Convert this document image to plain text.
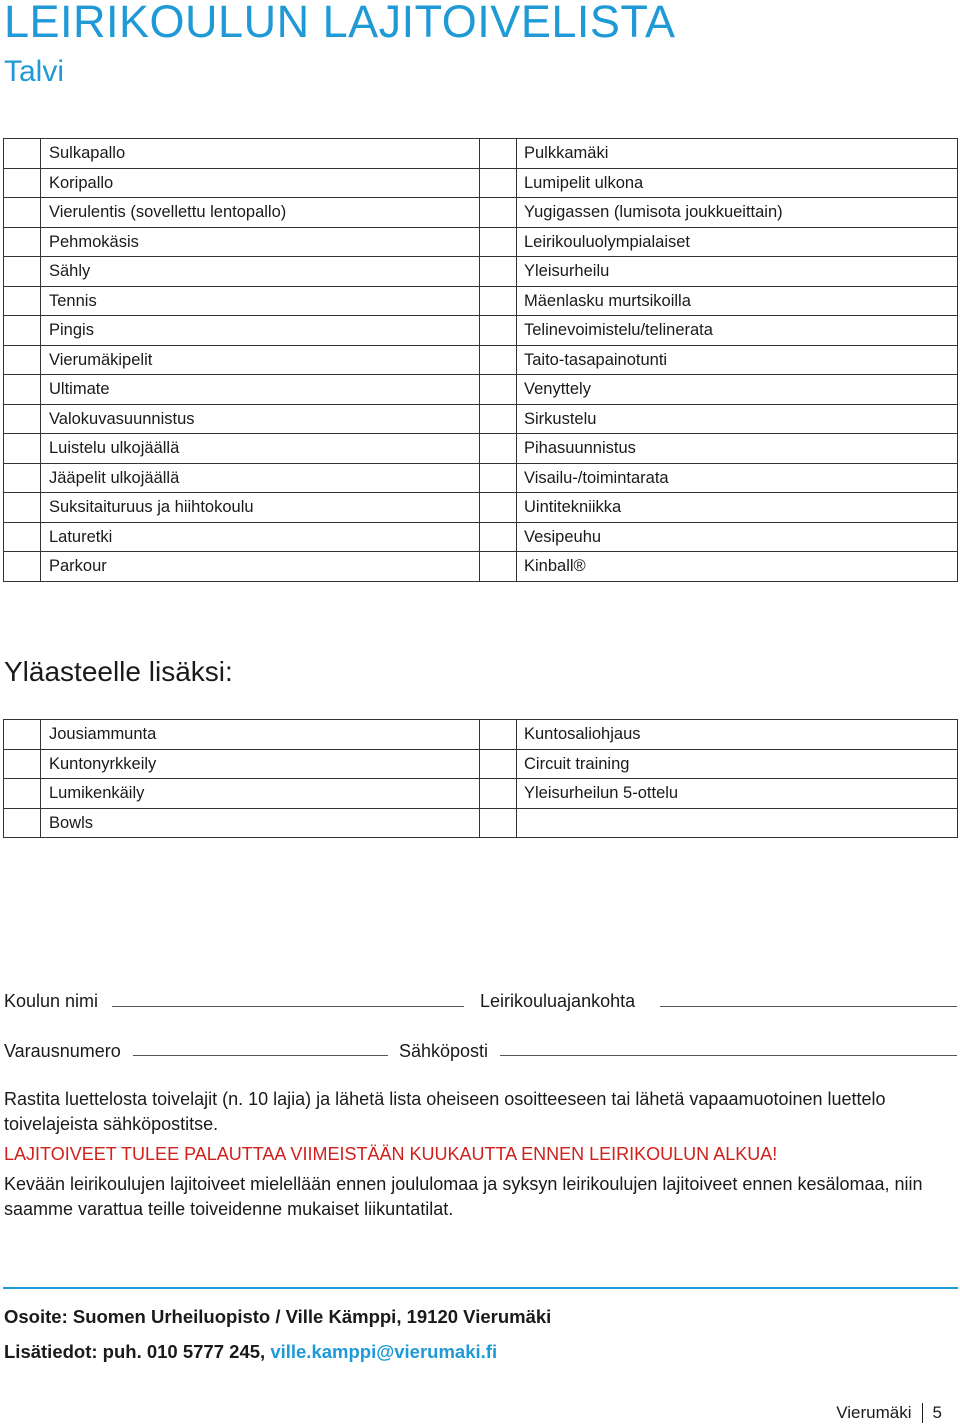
LEIRIKOULUN LAJITOIVELISTA
Talvi
	Sulkapallo		Pulkkamäki
	Koripallo		Lumipelit ulkona
	Vierulentis (sovellettu lentopallo)		Yugigassen (lumisota joukkueittain)
	Pehmokäsis		Leirikouluolympialaiset
	Sähly		Yleisurheilu
	Tennis		Mäenlasku murtsikoilla
	Pingis		Telinevoimistelu/telinerata
	Vierumäkipelit		Taito-tasapainotunti
	Ultimate		Venyttely
	Valokuvasuunnistus		Sirkustelu
	Luistelu ulkojäällä		Pihasuunnistus
	Jääpelit ulkojäällä		Visailu-/toimintarata
	Suksitaituruus ja hiihtokoulu		Uintitekniikka
	Laturetki		Vesipeuhu
	Parkour		Kinball®
Yläasteelle lisäksi:
	Jousiammunta		Kuntosaliohjaus
	Kuntonyrkkeily		Circuit training
	Lumikenkäily		Yleisurheilun 5-ottelu
	Bowls		
Koulun nimi	Leirikouluajankohta
Varausnumero	Sähköposti
Rastita luettelosta toivelajit (n. 10 lajia) ja lähetä lista oheiseen osoitteeseen tai lähetä vapaamuotoinen luettelo toivelajeista sähköpostitse.
LAJITOIVEET TULEE PALAUTTAA VIIMEISTÄÄN KUUKAUTTA ENNEN LEIRIKOULUN ALKUA!
Kevään leirikoulujen lajitoiveet mielellään ennen joululomaa ja syksyn leirikoulujen lajitoiveet ennen kesälomaa, niin saamme varattua teille toiveidenne mukaiset liikuntatilat.
Osoite: Suomen Urheiluopisto / Ville Kämppi, 19120 Vierumäki
Lisätiedot: puh. 010 5777 245, ville.kamppi@vierumaki.fi
Vierumäki 5
